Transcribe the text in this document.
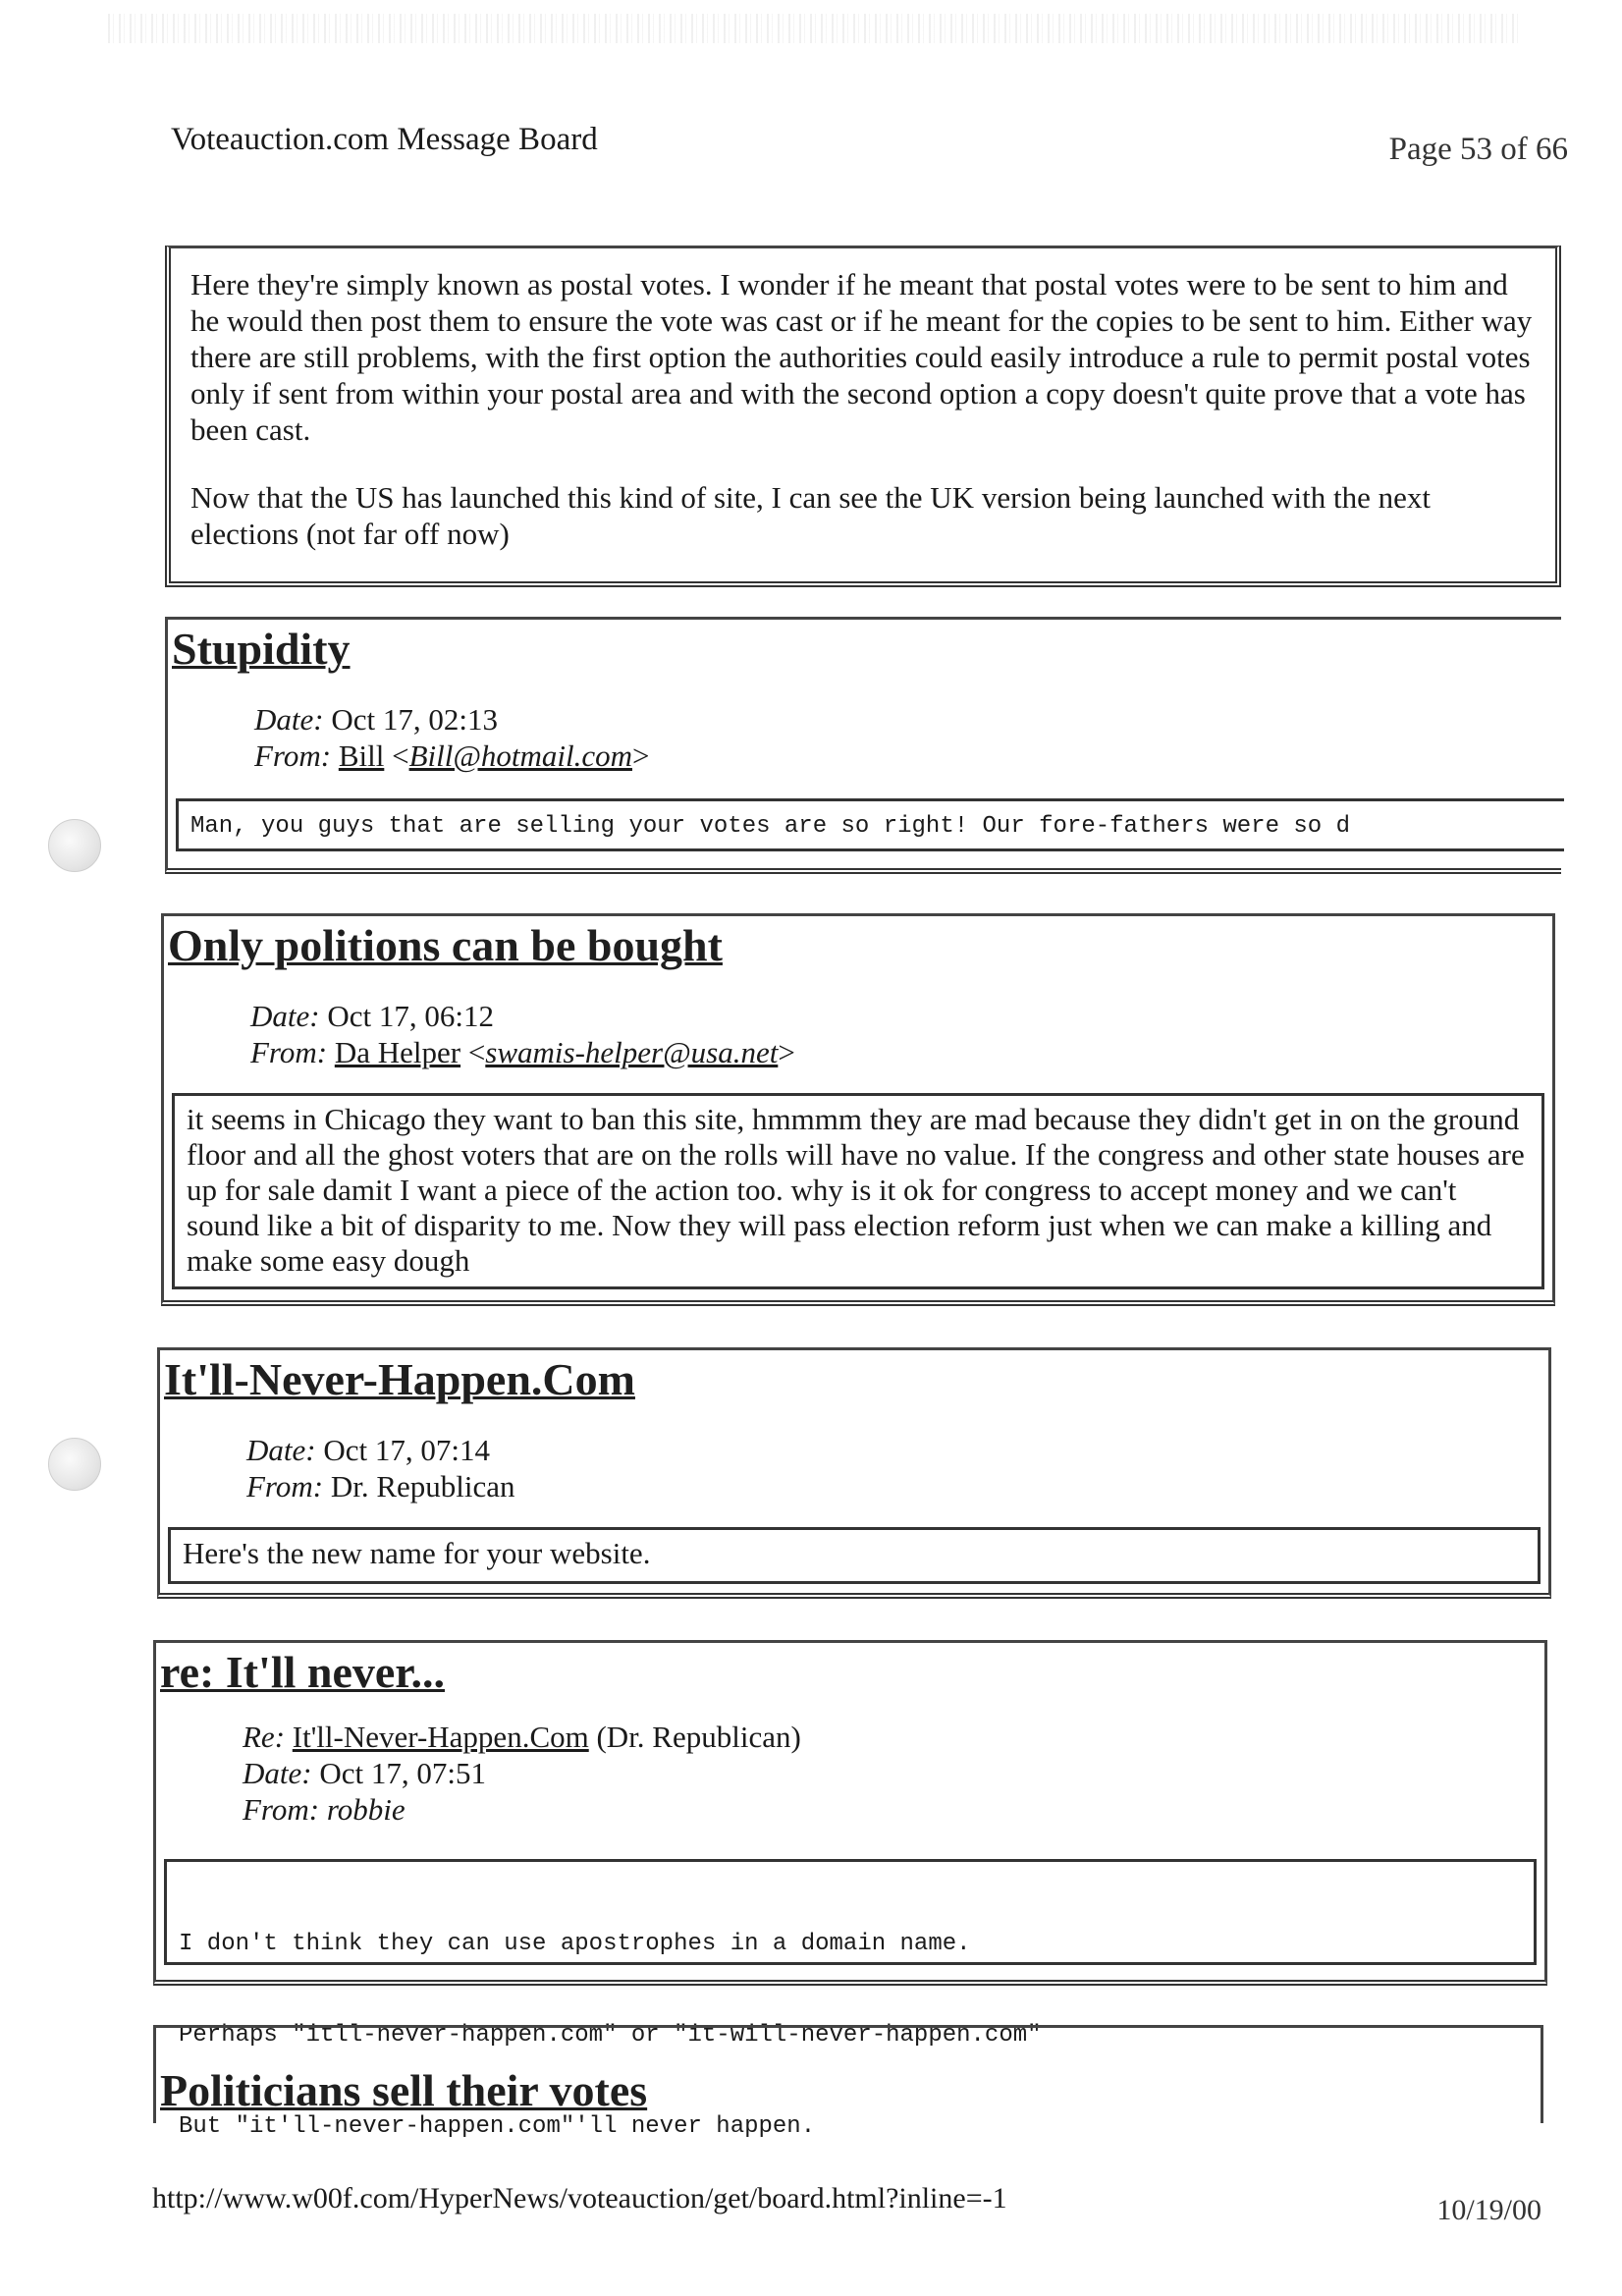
Voteauction.com Message Board	Page 53 of 66

Here they're simply known as postal votes. I wonder if he meant that postal votes were to be sent to him and he would then post them to ensure the vote was cast or if he meant for the copies to be sent to him. Either way there are still problems, with the first option the authorities could easily introduce a rule to permit postal votes only if sent from within your postal area and with the second option a copy doesn't quite prove that a vote has been cast.

Now that the US has launched this kind of site, I can see the UK version being launched with the next elections (not far off now)

Stupidity
Date: Oct 17, 02:13
From: Bill <Bill@hotmail.com>
Man, you guys that are selling your votes are so right! Our fore-fathers were so d
Only politions can be bought
Date: Oct 17, 06:12
From: Da Helper <swamis-helper@usa.net>
it seems in Chicago they want to ban this site, hmmmm they are mad because they didn't get in on the ground floor and all the ghost voters that are on the rolls will have no value. If the congress and other state houses are up for sale damit I want a piece of the action too. why is it ok for congress to accept money and we can't sound like a bit of disparity to me. Now they will pass election reform just when we can make a killing and make some easy dough
It'll-Never-Happen.Com
Date: Oct 17, 07:14
From: Dr. Republican
Here's the new name for your website.
re: It'll never...
Re: It'll-Never-Happen.Com (Dr. Republican)
Date: Oct 17, 07:51
From: robbie

I don't think they can use apostrophes in a domain name.

Perhaps "itll-never-happen.com" or "it-will-never-happen.com"

But "it'll-never-happen.com"'ll never happen.

Politicians sell their votes
http://www.w00f.com/HyperNews/voteauction/get/board.html?inline=-1	10/19/00
